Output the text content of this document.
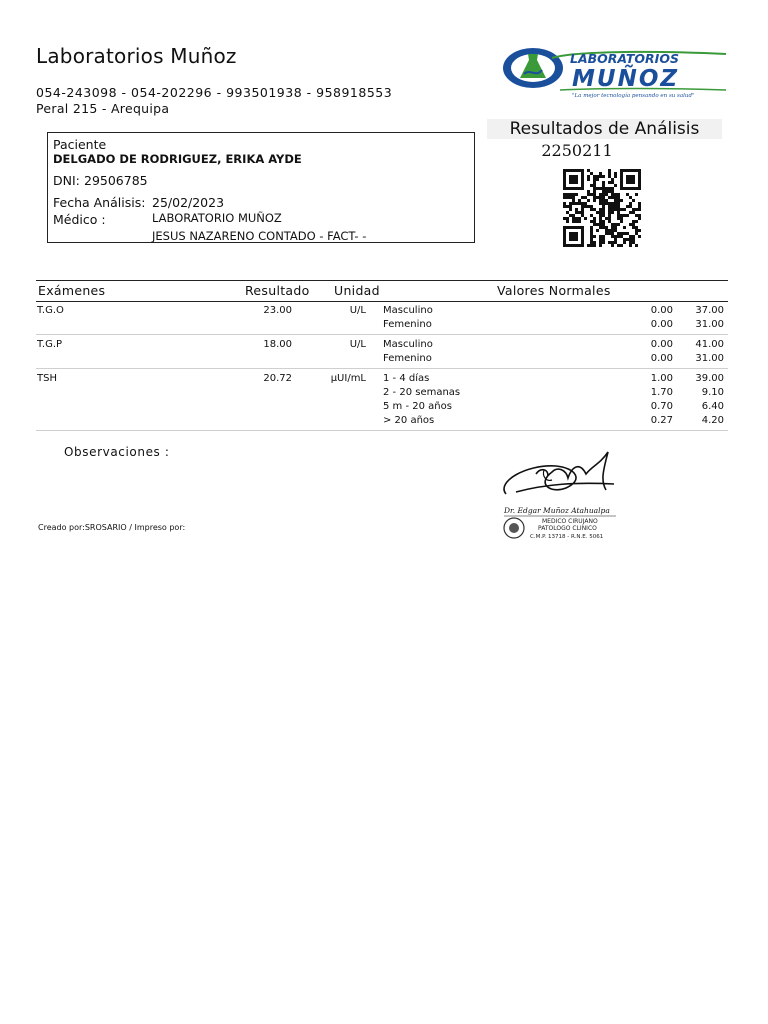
Laboratorios Muñoz
054-243098 - 054-202296 - 993501938 - 958918553
Peral 215 - Arequipa
LABORATORIOS
MUÑOZ
"La mejor tecnología pensando en su salud"
Resultados de Análisis
2250211
Paciente
DELGADO DE RODRIGUEZ, ERIKA AYDE
DNI: 29506785
Fecha Análisis: 25/02/2023
Médico :	LABORATORIO MUÑOZ
JESUS NAZARENO CONTADO - FACT- -
Exámenes	Resultado Unidad	Valores Normales
T.G.O	23.00	U/L Masculino	0.00	37.00
Femenino	0.00	31.00
T.G.P	18.00	U/L Masculino	0.00	41.00
Femenino	0.00	31.00
TSH	20.72	µUI/mL 1 - 4 días	1.00	39.00
2 - 20 semanas	1.70	9.10
5 m - 20 años	0.70	6.40
> 20 años	0.27	4.20
Observaciones :
Creado por:SROSARIO / Impreso por:
Dr. Edgar Muñoz Atahualpa
MEDICO CIRUJANO
PATOLOGO CLINICO
C.M.P. 13718 - R.N.E. 5061
